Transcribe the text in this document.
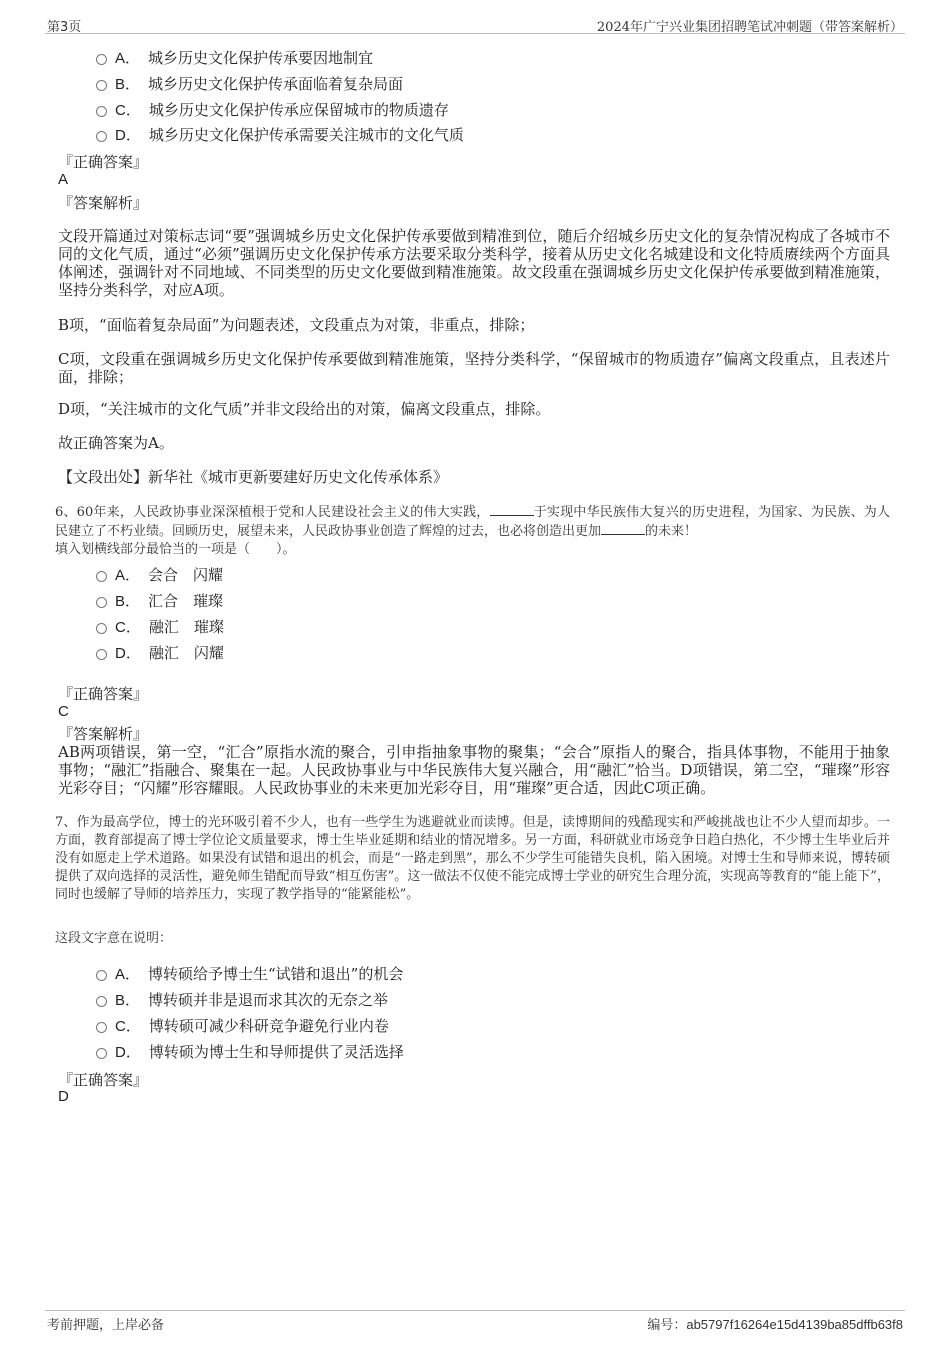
第3页	2024年广宁兴业集团招聘笔试冲刺题（带答案解析）
A． 城乡历史文化保护传承要因地制宜
B． 城乡历史文化保护传承面临着复杂局面
C． 城乡历史文化保护传承应保留城市的物质遗存
D． 城乡历史文化保护传承需要关注城市的文化气质
『正确答案』
A
『答案解析』
文段开篇通过对策标志词“要”强调城乡历史文化保护传承要做到精准到位，随后介绍城乡历史文化的复杂情况构成了各城市不同的文化气质，通过“必须”强调历史文化保护传承方法要采取分类科学，接着从历史文化名城建设和文化特质赓续两个方面具体阐述，强调针对不同地域、不同类型的历史文化要做到精准施策。故文段重在强调城乡历史文化保护传承要做到精准施策，坚持分类科学，对应A项。
B项，“面临着复杂局面”为问题表述，文段重点为对策，非重点，排除；
C项，文段重在强调城乡历史文化保护传承要做到精准施策，坚持分类科学，“保留城市的物质遗存”偏离文段重点，且表述片面，排除；
D项，“关注城市的文化气质”并非文段给出的对策，偏离文段重点，排除。
故正确答案为A。
【文段出处】新华社《城市更新要建好历史文化传承体系》
6、60年来，人民政协事业深深植根于党和人民建设社会主义的伟大实践，	于实现中华民族伟大复兴的历史进程，为国家、为民族、为人民建立了不朽业绩。回顾历史，展望未来，人民政协事业创造了辉煌的过去，也必将创造出更加	的未来！
填入划横线部分最恰当的一项是（　　）。
A． 会合　闪耀
B． 汇合　璀璨
C． 融汇　璀璨
D． 融汇　闪耀
『正确答案』
C
『答案解析』
AB两项错误，第一空，“汇合”原指水流的聚合，引申指抽象事物的聚集；“会合”原指人的聚合，指具体事物，不能用于抽象事物；“融汇”指融合、聚集在一起。人民政协事业与中华民族伟大复兴融合，用“融汇”恰当。D项错误，第二空，“璀璨”形容光彩夺目；“闪耀”形容耀眼。人民政协事业的未来更加光彩夺目，用“璀璨”更合适，因此C项正确。
7、作为最高学位，博士的光环吸引着不少人，也有一些学生为逃避就业而读博。但是，读博期间的残酷现实和严峻挑战也让不少人望而却步。一方面，教育部提高了博士学位论文质量要求，博士生毕业延期和结业的情况增多。另一方面，科研就业市场竞争日趋白热化，不少博士生毕业后并没有如愿走上学术道路。如果没有试错和退出的机会，而是“一路走到黑”，那么不少学生可能错失良机，陷入困境。对博士生和导师来说，博转硕提供了双向选择的灵活性，避免师生错配而导致“相互伤害”。这一做法不仅使不能完成博士学业的研究生合理分流，实现高等教育的“能上能下”，同时也缓解了导师的培养压力，实现了教学指导的“能紧能松”。
这段文字意在说明：
A． 博转硕给予博士生“试错和退出”的机会
B． 博转硕并非是退而求其次的无奈之举
C． 博转硕可减少科研竞争避免行业内卷
D． 博转硕为博士生和导师提供了灵活选择
『正确答案』
D
考前押题，上岸必备	编号：ab5797f16264e15d4139ba85dffb63f8
